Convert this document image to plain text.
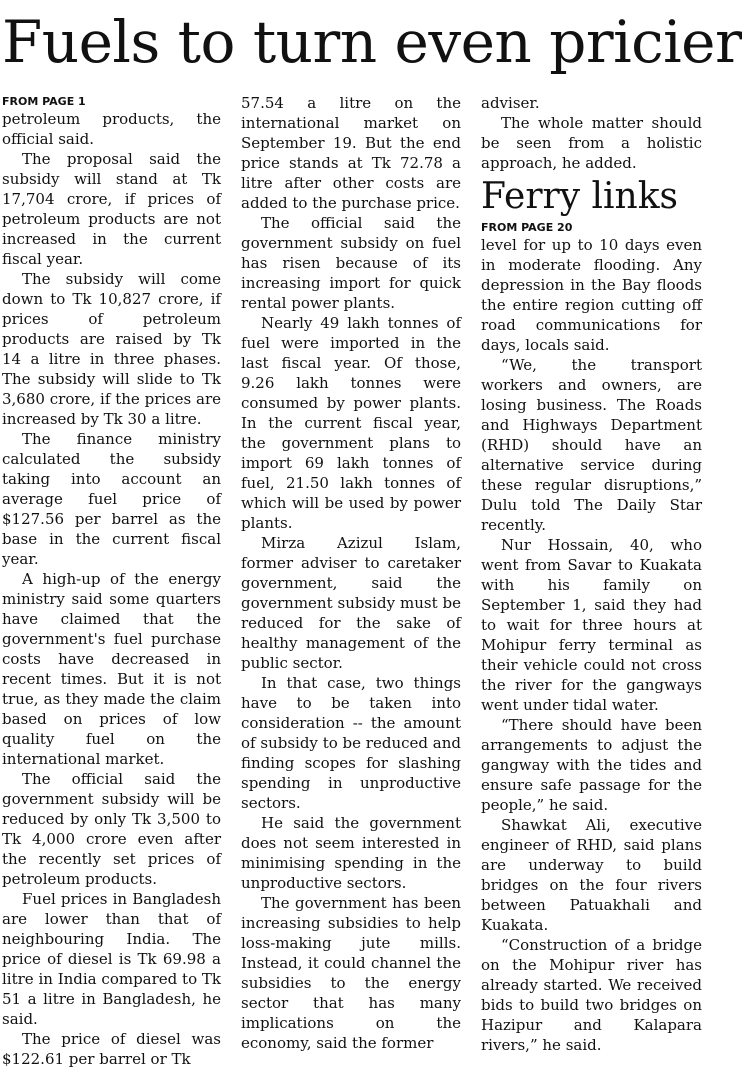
Fuels to turn even pricier
FROM PAGE 1

petroleum products, the official said.

The proposal said the subsidy will stand at Tk 17,704 crore, if prices of petroleum products are not increased in the current fiscal year.

The subsidy will come down to Tk 10,827 crore, if prices of petroleum products are raised by Tk 14 a litre in three phases. The subsidy will slide to Tk 3,680 crore, if the prices are increased by Tk 30 a litre.

The finance ministry calculated the subsidy taking into account an average fuel price of $127.56 per barrel as the base in the current fiscal year.

A high-up of the energy ministry said some quarters have claimed that the government's fuel purchase costs have decreased in recent times. But it is not true, as they made the claim based on prices of low quality fuel on the international market.

The official said the government subsidy will be reduced by only Tk 3,500 to Tk 4,000 crore even after the recently set prices of petroleum products.

Fuel prices in Bangladesh are lower than that of neighbouring India. The price of diesel is Tk 69.98 a litre in India compared to Tk 51 a litre in Bangladesh, he said.

The price of diesel was $122.61 per barrel or Tk

57.54 a litre on the international market on September 19. But the end price stands at Tk 72.78 a litre after other costs are added to the purchase price.

The official said the government subsidy on fuel has risen because of its increasing import for quick rental power plants.

Nearly 49 lakh tonnes of fuel were imported in the last fiscal year. Of those, 9.26 lakh tonnes were consumed by power plants. In the current fiscal year, the government plans to import 69 lakh tonnes of fuel, 21.50 lakh tonnes of which will be used by power plants.

Mirza Azizul Islam, former adviser to caretaker government, said the government subsidy must be reduced for the sake of healthy management of the public sector.

In that case, two things have to be taken into consideration -- the amount of subsidy to be reduced and finding scopes for slashing spending in unproductive sectors.

He said the government does not seem interested in minimising spending in the unproductive sectors.

The government has been increasing subsidies to help loss-making jute mills. Instead, it could channel the subsidies to the energy sector that has many implications on the economy, said the former

adviser.

The whole matter should be seen from a holistic approach, he added.

Ferry links
FROM PAGE 20

level for up to 10 days even in moderate flooding. Any depression in the Bay floods the entire region cutting off road communications for days, locals said.

“We, the transport workers and owners, are losing business. The Roads and Highways Department (RHD) should have an alternative service during these regular disruptions,” Dulu told The Daily Star recently.

Nur Hossain, 40, who went from Savar to Kuakata with his family on September 1, said they had to wait for three hours at Mohipur ferry terminal as their vehicle could not cross the river for the gangways went under tidal water.

“There should have been arrangements to adjust the gangway with the tides and ensure safe passage for the people,” he said.

Shawkat Ali, executive engineer of RHD, said plans are underway to build bridges on the four rivers between Patuakhali and Kuakata.

“Construction of a bridge on the Mohipur river has already started. We received bids to build two bridges on Hazipur and Kalapara rivers,” he said.
